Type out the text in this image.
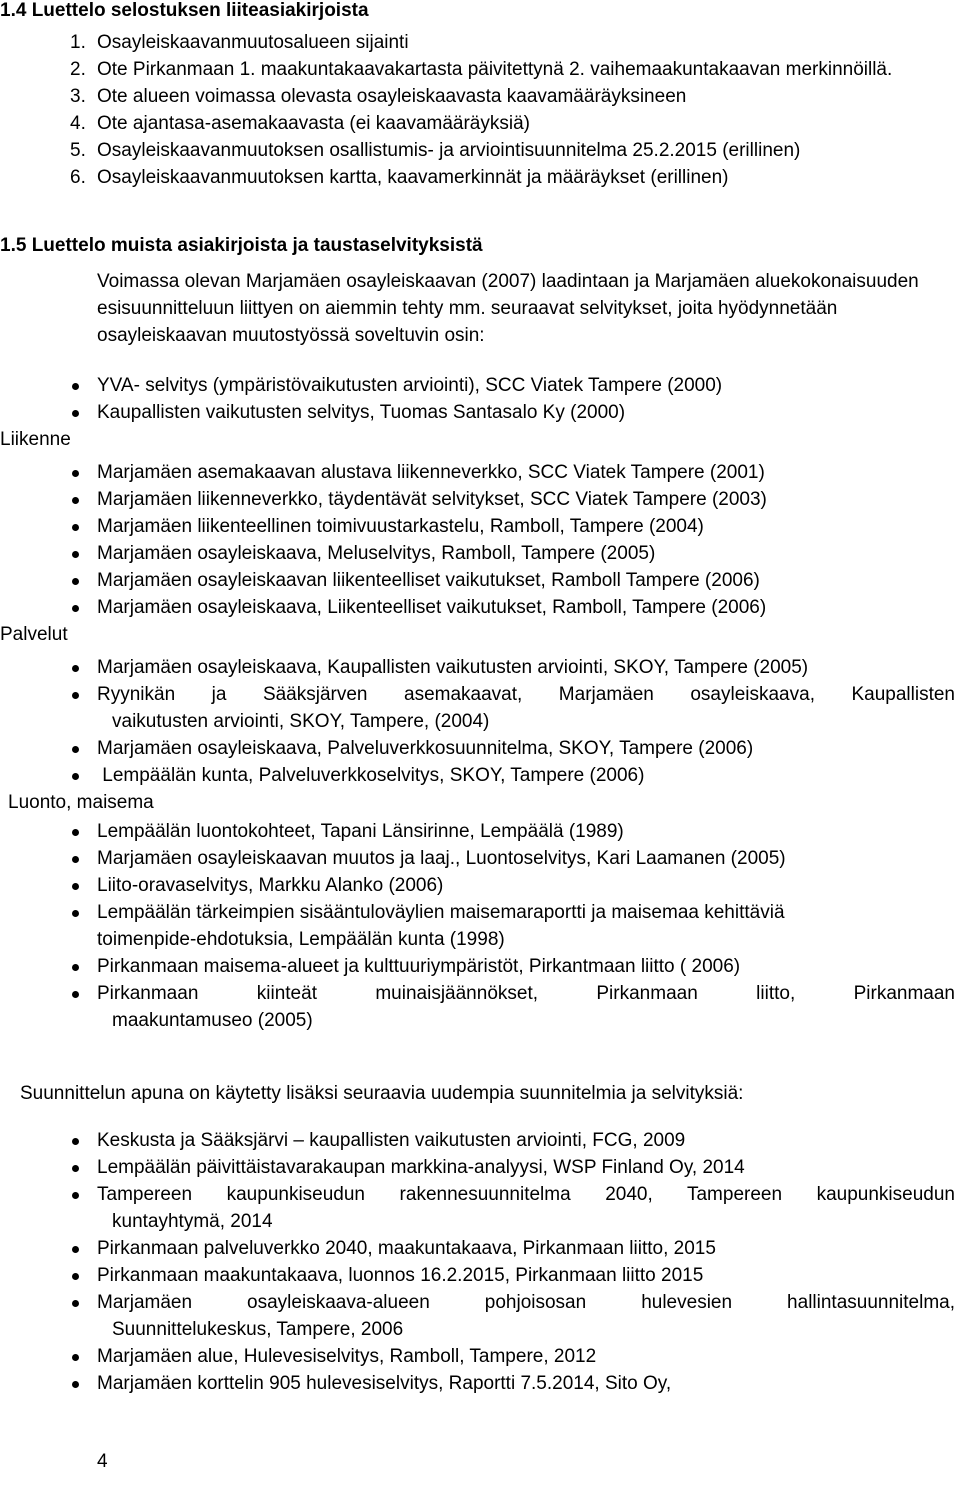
1.4 Luettelo selostuksen liiteasiakirjoista
1. Osayleiskaavanmuutosalueen sijainti
2. Ote Pirkanmaan 1. maakuntakaavakartasta päivitettynä 2. vaihemaakuntakaavan merkinnöillä.
3. Ote alueen voimassa olevasta osayleiskaavasta kaavamääräyksineen
4. Ote ajantasa-asemakaavasta (ei kaavamääräyksiä)
5. Osayleiskaavanmuutoksen osallistumis- ja arviointisuunnitelma 25.2.2015 (erillinen)
6. Osayleiskaavanmuutoksen kartta, kaavamerkinnät ja määräykset (erillinen)
1.5 Luettelo muista asiakirjoista ja taustaselvityksistä
Voimassa olevan Marjamäen osayleiskaavan (2007) laadintaan ja Marjamäen aluekokonaisuuden esisuunnitteluun liittyen on aiemmin tehty mm. seuraavat selvitykset, joita hyödynnetään osayleiskaavan muutostyössä soveltuvin osin:
YVA- selvitys (ympäristövaikutusten arviointi), SCC Viatek Tampere (2000)
Kaupallisten vaikutusten selvitys, Tuomas Santasalo Ky (2000)
Liikenne
Marjamäen asemakaavan alustava liikenneverkko, SCC Viatek Tampere (2001)
Marjamäen liikenneverkko, täydentävät selvitykset, SCC Viatek Tampere (2003)
Marjamäen liikenteellinen toimivuustarkastelu, Ramboll, Tampere (2004)
Marjamäen osayleiskaava, Meluselvitys, Ramboll, Tampere (2005)
Marjamäen osayleiskaavan liikenteelliset vaikutukset, Ramboll Tampere (2006)
Marjamäen osayleiskaava, Liikenteelliset vaikutukset, Ramboll, Tampere (2006)
Palvelut
Marjamäen osayleiskaava, Kaupallisten vaikutusten arviointi, SKOY, Tampere (2005)
Ryynikän ja Sääksjärven asemakaavat, Marjamäen osayleiskaava, Kaupallisten
vaikutusten arviointi, SKOY, Tampere, (2004)
Marjamäen osayleiskaava, Palveluverkkosuunnitelma, SKOY, Tampere (2006)
Lempäälän kunta, Palveluverkkoselvitys, SKOY, Tampere (2006)
Luonto, maisema
Lempäälän luontokohteet, Tapani Länsirinne, Lempäälä (1989)
Marjamäen osayleiskaavan muutos ja laaj., Luontoselvitys, Kari Laamanen (2005)
Liito-oravaselvitys, Markku Alanko (2006)
Lempäälän tärkeimpien sisääntuloväylien maisemaraportti ja maisemaa kehittäviä
toimenpide-ehdotuksia, Lempäälän kunta (1998)
Pirkanmaan maisema-alueet ja kulttuuriympäristöt, Pirkantmaan liitto ( 2006)
Pirkanmaan kiinteät muinaisjäännökset, Pirkanmaan liitto, Pirkanmaan
maakuntamuseo (2005)
Suunnittelun apuna on käytetty lisäksi seuraavia uudempia suunnitelmia ja selvityksiä:
Keskusta ja Sääksjärvi – kaupallisten vaikutusten arviointi, FCG, 2009
Lempäälän päivittäistavarakaupan markkina-analyysi, WSP Finland Oy, 2014
Tampereen kaupunkiseudun rakennesuunnitelma 2040, Tampereen kaupunkiseudun
kuntayhtymä, 2014
Pirkanmaan palveluverkko 2040, maakuntakaava, Pirkanmaan liitto, 2015
Pirkanmaan maakuntakaava, luonnos 16.2.2015, Pirkanmaan liitto 2015
Marjamäen osayleiskaava-alueen pohjoisosan hulevesien hallintasuunnitelma,
Suunnittelukeskus, Tampere, 2006
Marjamäen alue, Hulevesiselvitys, Ramboll, Tampere, 2012
Marjamäen korttelin 905 hulevesiselvitys, Raportti 7.5.2014, Sito Oy,
4
